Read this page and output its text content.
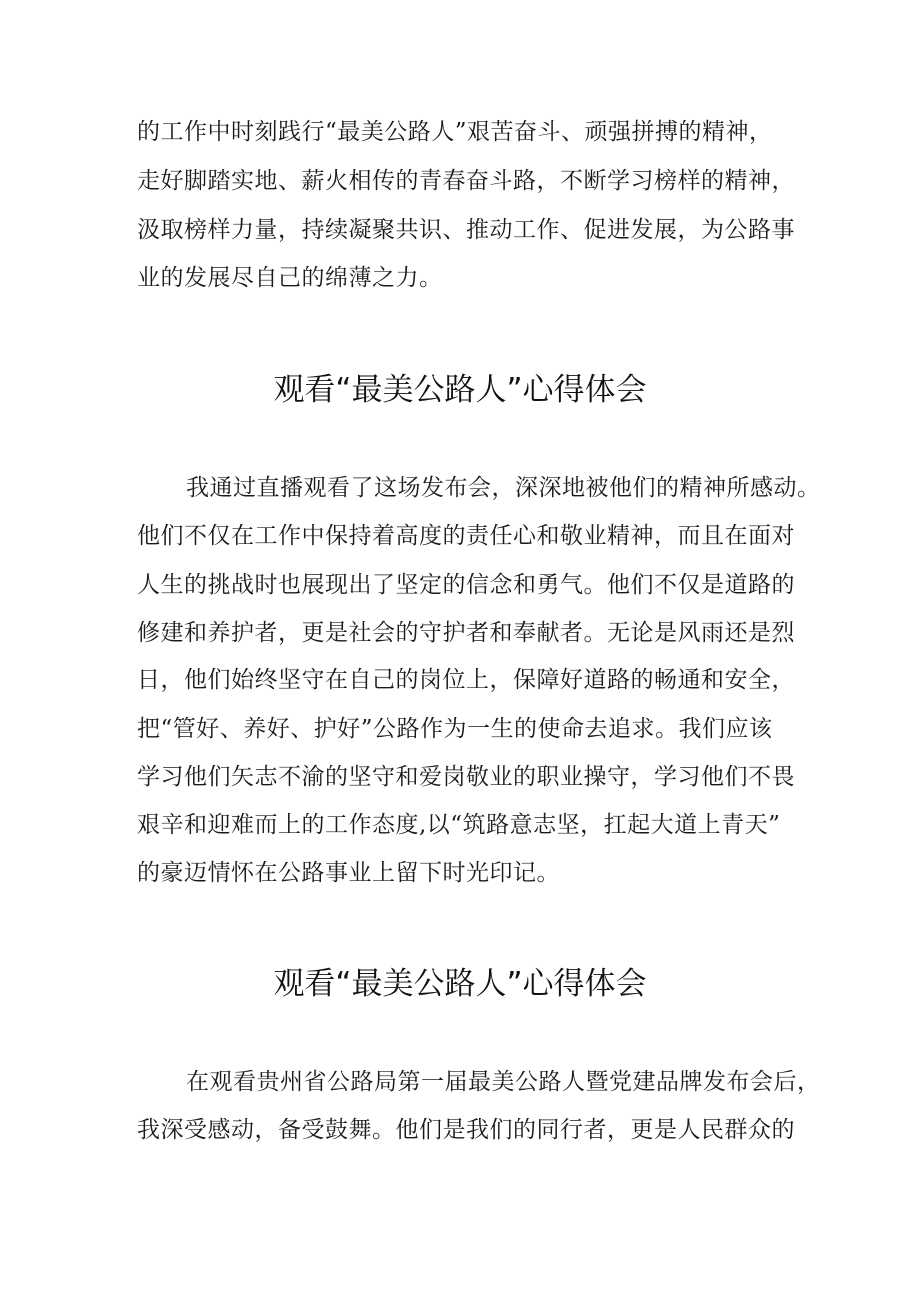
的工作中时刻践行“最美公路人”艰苦奋斗、顽强拼搏的精神，
走好脚踏实地、薪火相传的青春奋斗路，不断学习榜样的精神，
汲取榜样力量，持续凝聚共识、推动工作、促进发展，为公路事
业的发展尽自己的绵薄之力。
观看“最美公路人”心得体会
我通过直播观看了这场发布会，深深地被他们的精神所感动。
他们不仅在工作中保持着高度的责任心和敬业精神，而且在面对
人生的挑战时也展现出了坚定的信念和勇气。他们不仅是道路的
修建和养护者，更是社会的守护者和奉献者。无论是风雨还是烈
日，他们始终坚守在自己的岗位上，保障好道路的畅通和安全，
把“管好、养好、护好”公路作为一生的使命去追求。我们应该
学习他们矢志不渝的坚守和爱岗敬业的职业操守，学习他们不畏
艰辛和迎难而上的工作态度,以“筑路意志坚，扛起大道上青天”
的豪迈情怀在公路事业上留下时光印记。
观看“最美公路人”心得体会
在观看贵州省公路局第一届最美公路人暨党建品牌发布会后，
我深受感动，备受鼓舞。他们是我们的同行者，更是人民群众的
